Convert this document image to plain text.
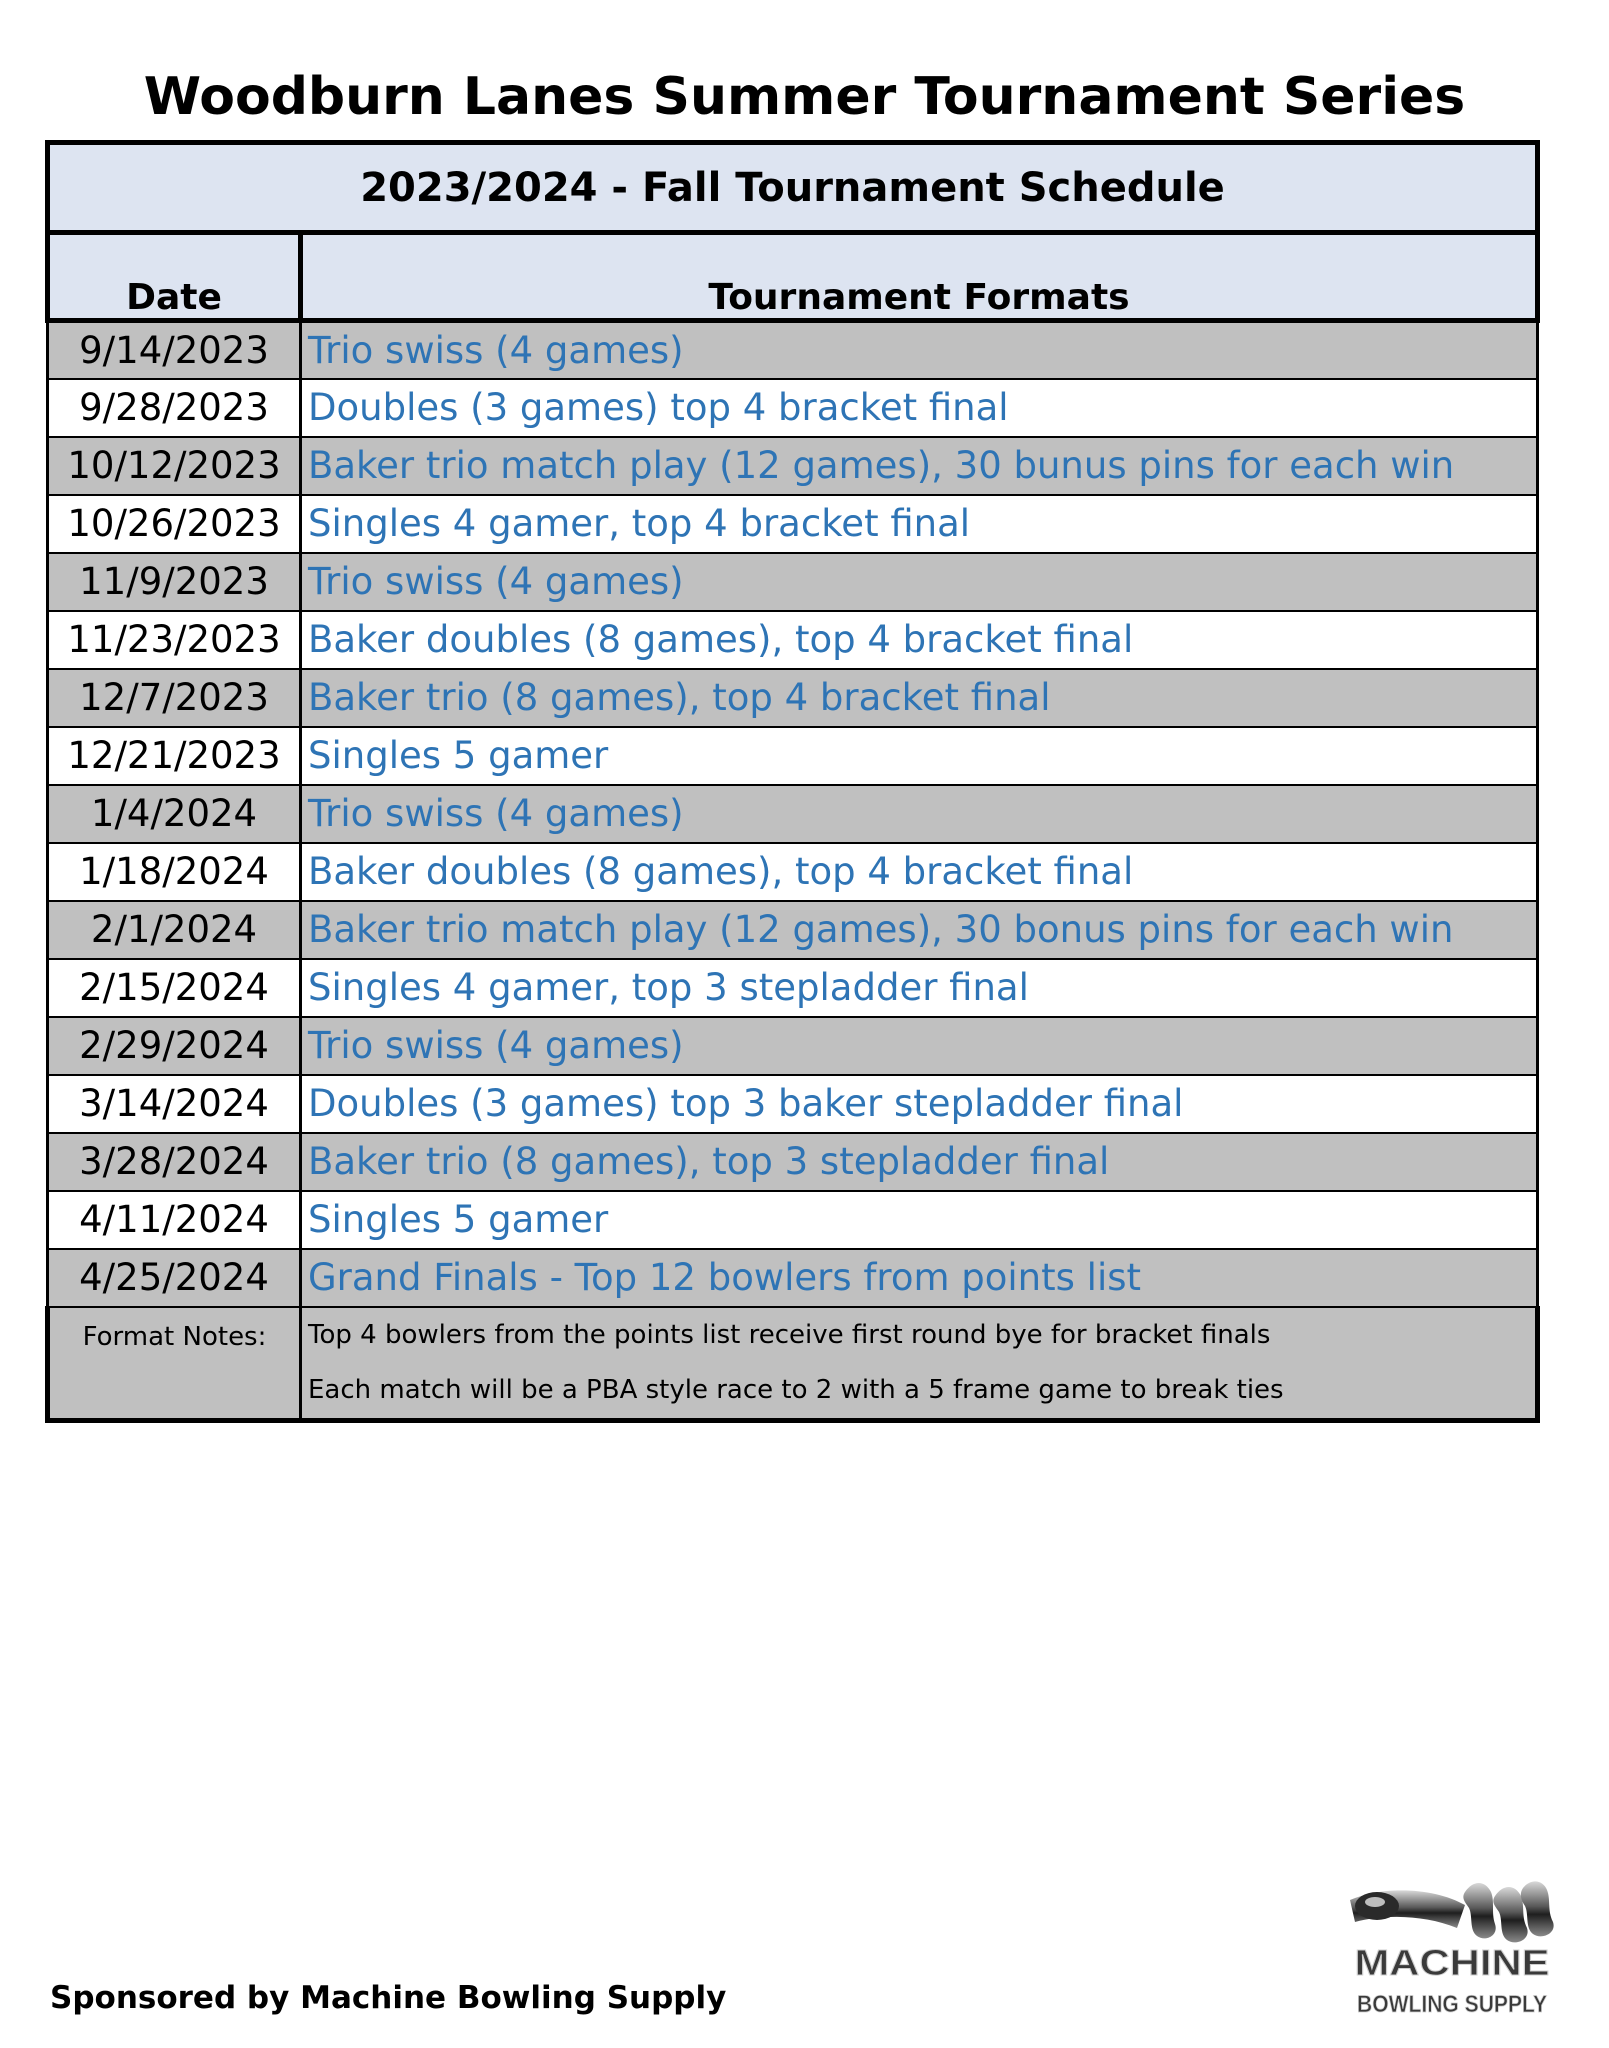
Woodburn Lanes Summer Tournament Series
2023/2024 - Fall Tournament Schedule	
Date	Tournament Formats
9/14/2023	Trio swiss (4 games)
9/28/2023	Doubles (3 games) top 4 bracket final
10/12/2023	Baker trio match play (12 games), 30 bunus pins for each win
10/26/2023	Singles 4 gamer, top 4 bracket final
11/9/2023	Trio swiss (4 games)
11/23/2023	Baker doubles (8 games), top 4 bracket final
12/7/2023	Baker trio (8 games), top 4 bracket final
12/21/2023	Singles 5 gamer
1/4/2024	Trio swiss (4 games)
1/18/2024	Baker doubles (8 games), top 4 bracket final
2/1/2024	Baker trio match play (12 games), 30 bonus pins for each win
2/15/2024	Singles 4 gamer, top 3 stepladder final
2/29/2024	Trio swiss (4 games)
3/14/2024	Doubles (3 games) top 3 baker stepladder final
3/28/2024	Baker trio (8 games), top 3 stepladder final
4/11/2024	Singles 5 gamer
4/25/2024	Grand Finals - Top 12 bowlers from points list
Format Notes:	Top 4 bowlers from the points list receive first round bye for bracket finals
Each match will be a PBA style race to 2 with a 5 frame game to break ties
Sponsored by Machine Bowling Supply
MACHINE
BOWLING SUPPLY
